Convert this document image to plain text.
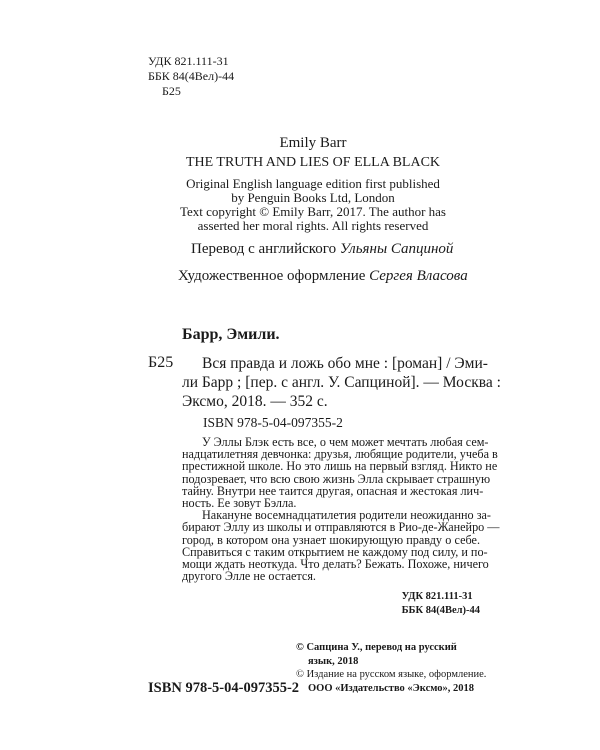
УДК 821.111-31
ББК 84(4Вел)-44
Б25
Emily Barr
THE TRUTH AND LIES OF ELLA BLACK
Original English language edition first published
by Penguin Books Ltd, London
Text copyright © Emily Barr, 2017. The author has
asserted her moral rights. All rights reserved
Перевод с английского Ульяны Сапциной
Художественное оформление Сергея Власова
Барр, Эмили.
Б25	Вся правда и ложь обо мне : [роман] / Эми-
ли Барр ; [пер. с англ. У. Сапциной]. — Москва :
Эксмо, 2018. — 352 с.
ISBN 978-5-04-097355-2
У Эллы Блэк есть все, о чем может мечтать любая сем-
надцатилетняя девчонка: друзья, любящие родители, учеба в
престижной школе. Но это лишь на первый взгляд. Никто не
подозревает, что всю свою жизнь Элла скрывает страшную
тайну. Внутри нее таится другая, опасная и жестокая лич-
ность. Ее зовут Бэлла.
Накануне восемнадцатилетия родители неожиданно за-
бирают Эллу из школы и отправляются в Рио-де-Жанейро —
город, в котором она узнает шокирующую правду о себе.
Справиться с таким открытием не каждому под силу, и по-
мощи ждать неоткуда. Что делать? Бежать. Похоже, ничего
другого Элле не остается.
УДК 821.111-31
ББК 84(4Вел)-44
© Сапцина У., перевод на русский
язык, 2018
© Издание на русском языке, оформление.
ООО «Издательство «Эксмо», 2018
ISBN 978-5-04-097355-2
